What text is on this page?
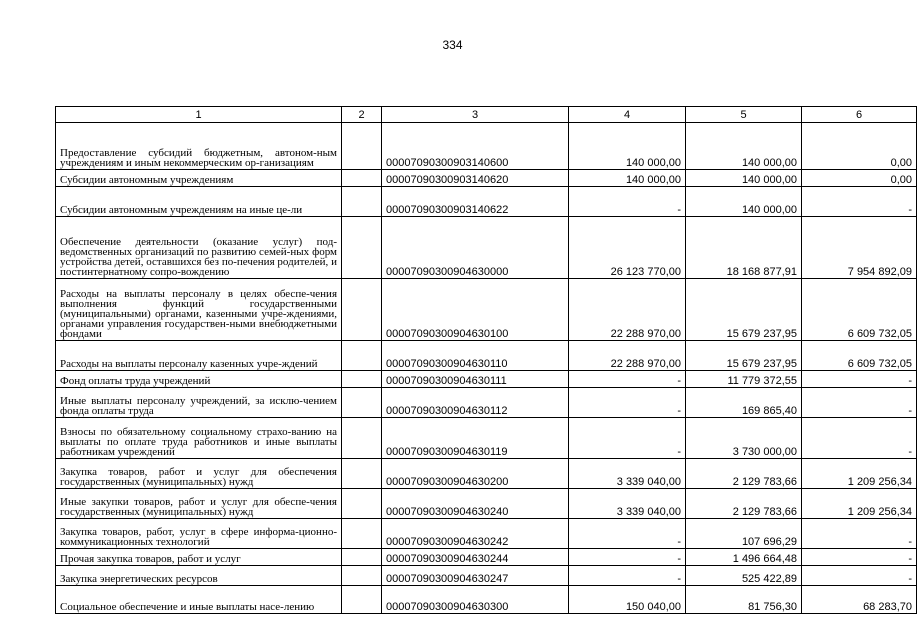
334
1	2	3	4	5	6
Предоставление субсидий бюджетным, автоном-ным учреждениям и иным некоммерческим ор-ганизациям		00007090300903140600	140 000,00	140 000,00	0,00
Субсидии автономным учреждениям		00007090300903140620	140 000,00	140 000,00	0,00
Субсидии автономным учреждениям на иные це-ли		00007090300903140622	-	140 000,00	-
Обеспечение деятельности (оказание услуг) под-ведомственных организаций по развитию семей-ных форм устройства детей, оставшихся без по-печения родителей, и постинтернатному сопро-вождению		00007090300904630000	26 123 770,00	18 168 877,91	7 954 892,09
Расходы на выплаты персоналу в целях обеспе-чения выполнения функций государственными (муниципальными) органами, казенными учре-ждениями, органами управления государствен-ными внебюджетными фондами		00007090300904630100	22 288 970,00	15 679 237,95	6 609 732,05
Расходы на выплаты персоналу казенных учре-ждений		00007090300904630110	22 288 970,00	15 679 237,95	6 609 732,05
Фонд оплаты труда учреждений		00007090300904630111	-	11 779 372,55	-
Иные выплаты персоналу учреждений, за исклю-чением фонда оплаты труда		00007090300904630112	-	169 865,40	-
Взносы по обязательному социальному страхо-ванию на выплаты по оплате труда работников и иные выплаты работникам учреждений		00007090300904630119	-	3 730 000,00	-
Закупка товаров, работ и услуг для обеспечения государственных (муниципальных) нужд		00007090300904630200	3 339 040,00	2 129 783,66	1 209 256,34
Иные закупки товаров, работ и услуг для обеспе-чения государственных (муниципальных) нужд		00007090300904630240	3 339 040,00	2 129 783,66	1 209 256,34
Закупка товаров, работ, услуг в сфере информа-ционно-коммуникационных технологий		00007090300904630242	-	107 696,29	-
Прочая закупка товаров, работ и услуг		00007090300904630244	-	1 496 664,48	-
Закупка энергетических ресурсов		00007090300904630247	-	525 422,89	-
Социальное обеспечение и иные выплаты насе-лению		00007090300904630300	150 040,00	81 756,30	68 283,70
